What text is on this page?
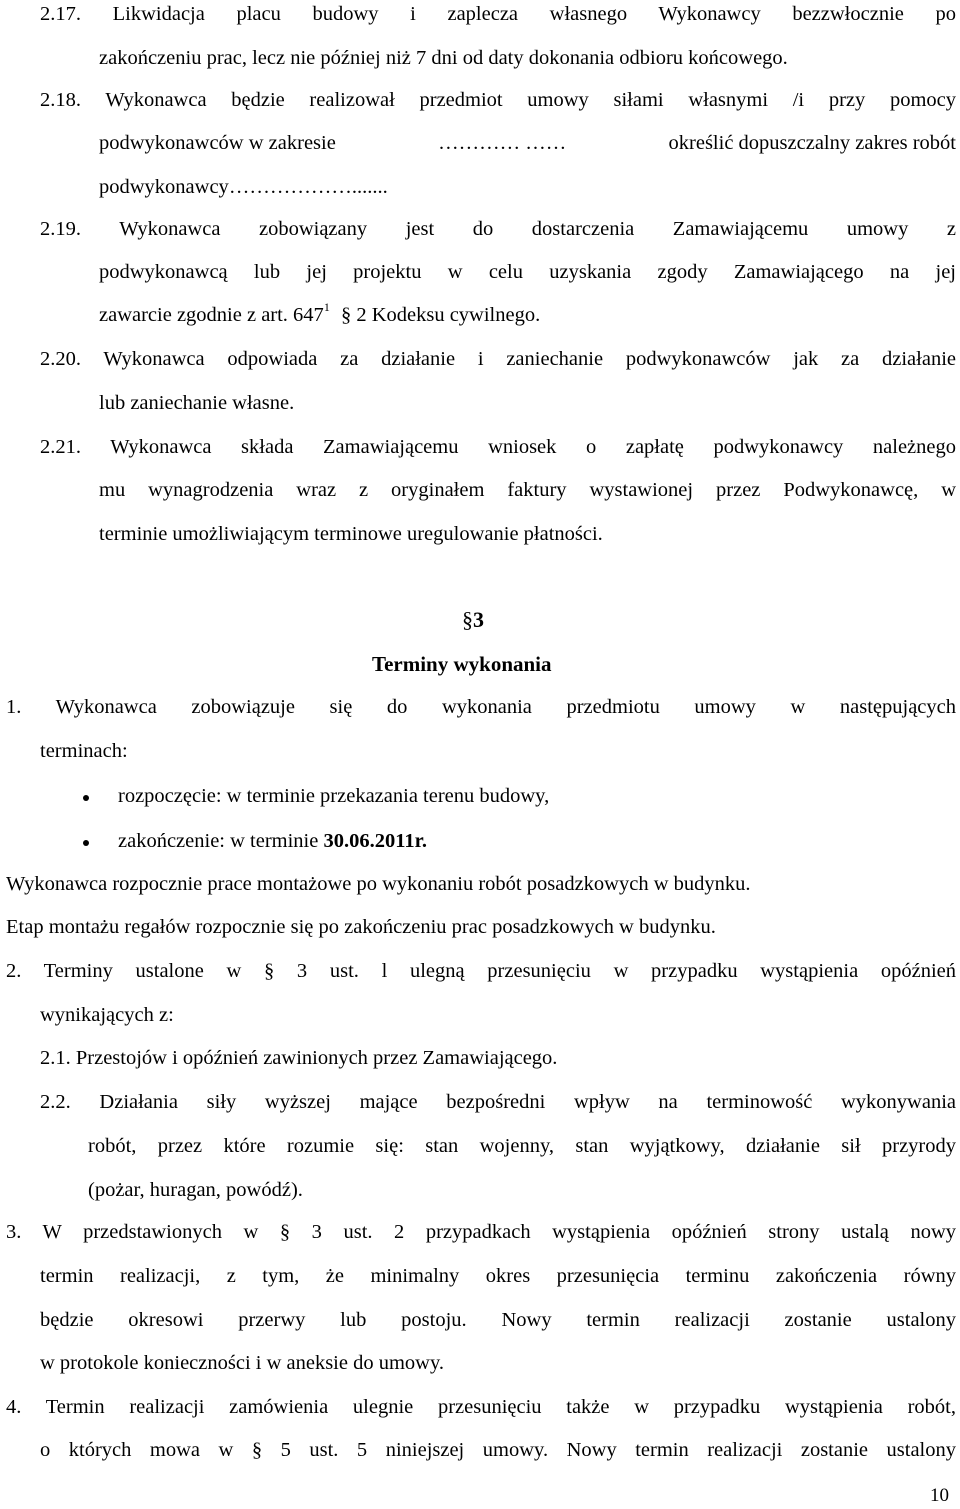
2.17. Likwidacja placu budowy i zaplecza własnego Wykonawcy bezzwłocznie po
zakończeniu prac, lecz nie później niż 7 dni od daty dokonania odbioru końcowego.
2.18. Wykonawca będzie realizował przedmiot umowy siłami własnymi /i przy pomocy
podwykonawców w zakresie	………… ……	określić dopuszczalny zakres robót
podwykonawcy……………….......
2.19. Wykonawca zobowiązany jest do dostarczenia Zamawiającemu umowy z
podwykonawcą lub jej projektu w celu uzyskania zgody Zamawiającego na jej
zawarcie zgodnie z art. $647^1$ § 2 Kodeksu cywilnego.
2.20. Wykonawca odpowiada za działanie i zaniechanie podwykonawców jak za działanie
lub zaniechanie własne.
2.21. Wykonawca składa Zamawiającemu wniosek o zapłatę podwykonawcy należnego
mu wynagrodzenia wraz z oryginałem faktury wystawionej przez Podwykonawcę, w
terminie umożliwiającym terminowe uregulowanie płatności.
§3
Terminy wykonania
1. Wykonawca zobowiązuje się do wykonania przedmiotu umowy w następujących
terminach:
rozpoczęcie: w terminie przekazania terenu budowy,
zakończenie: w terminie 30.06.2011r.
Wykonawca rozpocznie prace montażowe po wykonaniu robót posadzkowych w budynku.
Etap montażu regałów rozpocznie się po zakończeniu prac posadzkowych w budynku.
2. Terminy ustalone w § 3 ust. l ulegną przesunięciu w przypadku wystąpienia opóźnień
wynikających z:
2.1. Przestojów i opóźnień zawinionych przez Zamawiającego.
2.2. Działania siły wyższej mające bezpośredni wpływ na terminowość wykonywania
robót, przez które rozumie się: stan wojenny, stan wyjątkowy, działanie sił przyrody
(pożar, huragan, powódź).
3. W przedstawionych w § 3 ust. 2 przypadkach wystąpienia opóźnień strony ustalą nowy
termin realizacji, z tym, że minimalny okres przesunięcia terminu zakończenia równy
będzie okresowi przerwy lub postoju. Nowy termin realizacji zostanie ustalony
w protokole konieczności i w aneksie do umowy.
4. Termin realizacji zamówienia ulegnie przesunięciu także w przypadku wystąpienia robót,
o których mowa w § 5 ust. 5 niniejszej umowy. Nowy termin realizacji zostanie ustalony
10
